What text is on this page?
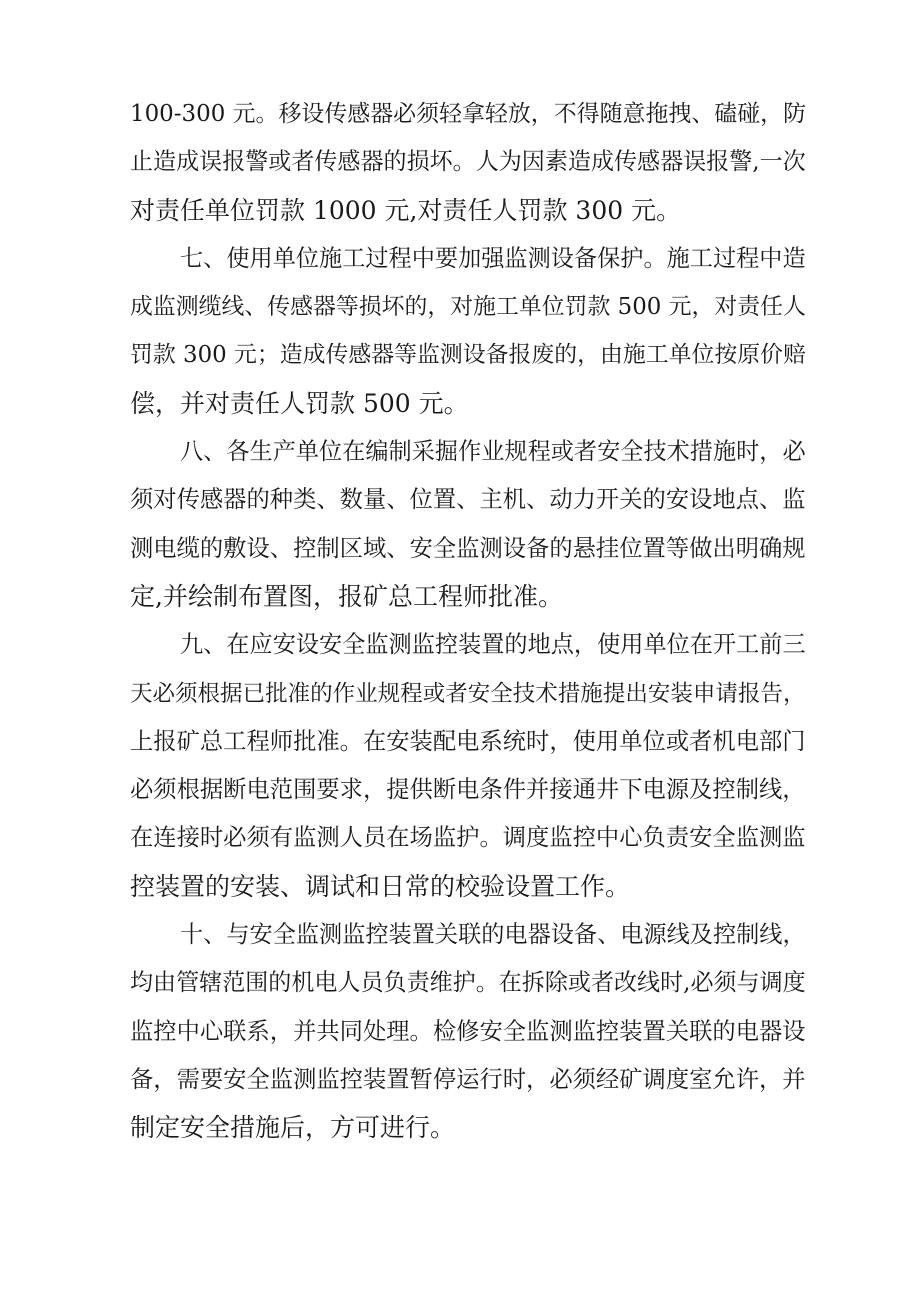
100-300 元。移设传感器必须轻拿轻放，不得随意拖拽、磕碰，防
止造成误报警或者传感器的损坏。人为因素造成传感器误报警,一次
对责任单位罚款 1000 元,对责任人罚款 300 元。
七、使用单位施工过程中要加强监测设备保护。施工过程中造
成监测缆线、传感器等损坏的，对施工单位罚款 500 元，对责任人
罚款 300 元；造成传感器等监测设备报废的，由施工单位按原价赔
偿，并对责任人罚款 500 元。
八、各生产单位在编制采掘作业规程或者安全技术措施时，必
须对传感器的种类、数量、位置、主机、动力开关的安设地点、监
测电缆的敷设、控制区域、安全监测设备的悬挂位置等做出明确规
定,并绘制布置图，报矿总工程师批准。
九、在应安设安全监测监控装置的地点，使用单位在开工前三
天必须根据已批准的作业规程或者安全技术措施提出安装申请报告，
上报矿总工程师批准。在安装配电系统时，使用单位或者机电部门
必须根据断电范围要求，提供断电条件并接通井下电源及控制线，
在连接时必须有监测人员在场监护。调度监控中心负责安全监测监
控装置的安装、调试和日常的校验设置工作。
十、与安全监测监控装置关联的电器设备、电源线及控制线，
均由管辖范围的机电人员负责维护。在拆除或者改线时,必须与调度
监控中心联系，并共同处理。检修安全监测监控装置关联的电器设
备，需要安全监测监控装置暂停运行时，必须经矿调度室允许，并
制定安全措施后，方可进行。
